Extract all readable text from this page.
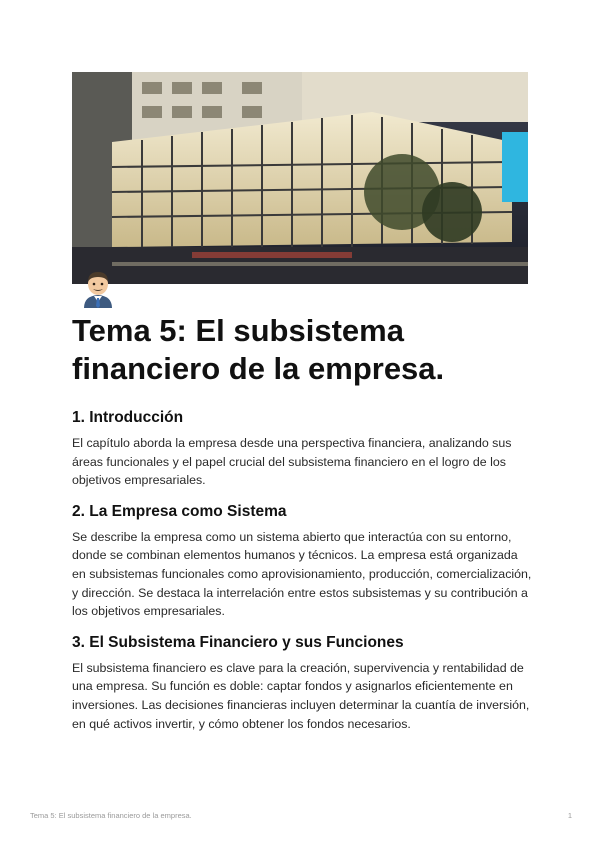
Tema 5: El subsistema financiero de la empresa.
1. Introducción

El capítulo aborda la empresa desde una perspectiva financiera, analizando sus áreas funcionales y el papel crucial del subsistema financiero en el logro de los objetivos empresariales.

2. La Empresa como Sistema

Se describe la empresa como un sistema abierto que interactúa con su entorno, donde se combinan elementos humanos y técnicos. La empresa está organizada en subsistemas funcionales como aprovisionamiento, producción, comercialización, y dirección. Se destaca la interrelación entre estos subsistemas y su contribución a los objetivos empresariales.

3. El Subsistema Financiero y sus Funciones

El subsistema financiero es clave para la creación, supervivencia y rentabilidad de una empresa. Su función es doble: captar fondos y asignarlos eficientemente en inversiones. Las decisiones financieras incluyen determinar la cuantía de inversión, en qué activos invertir, y cómo obtener los fondos necesarios.

Tema 5: El subsistema financiero de la empresa.	1
